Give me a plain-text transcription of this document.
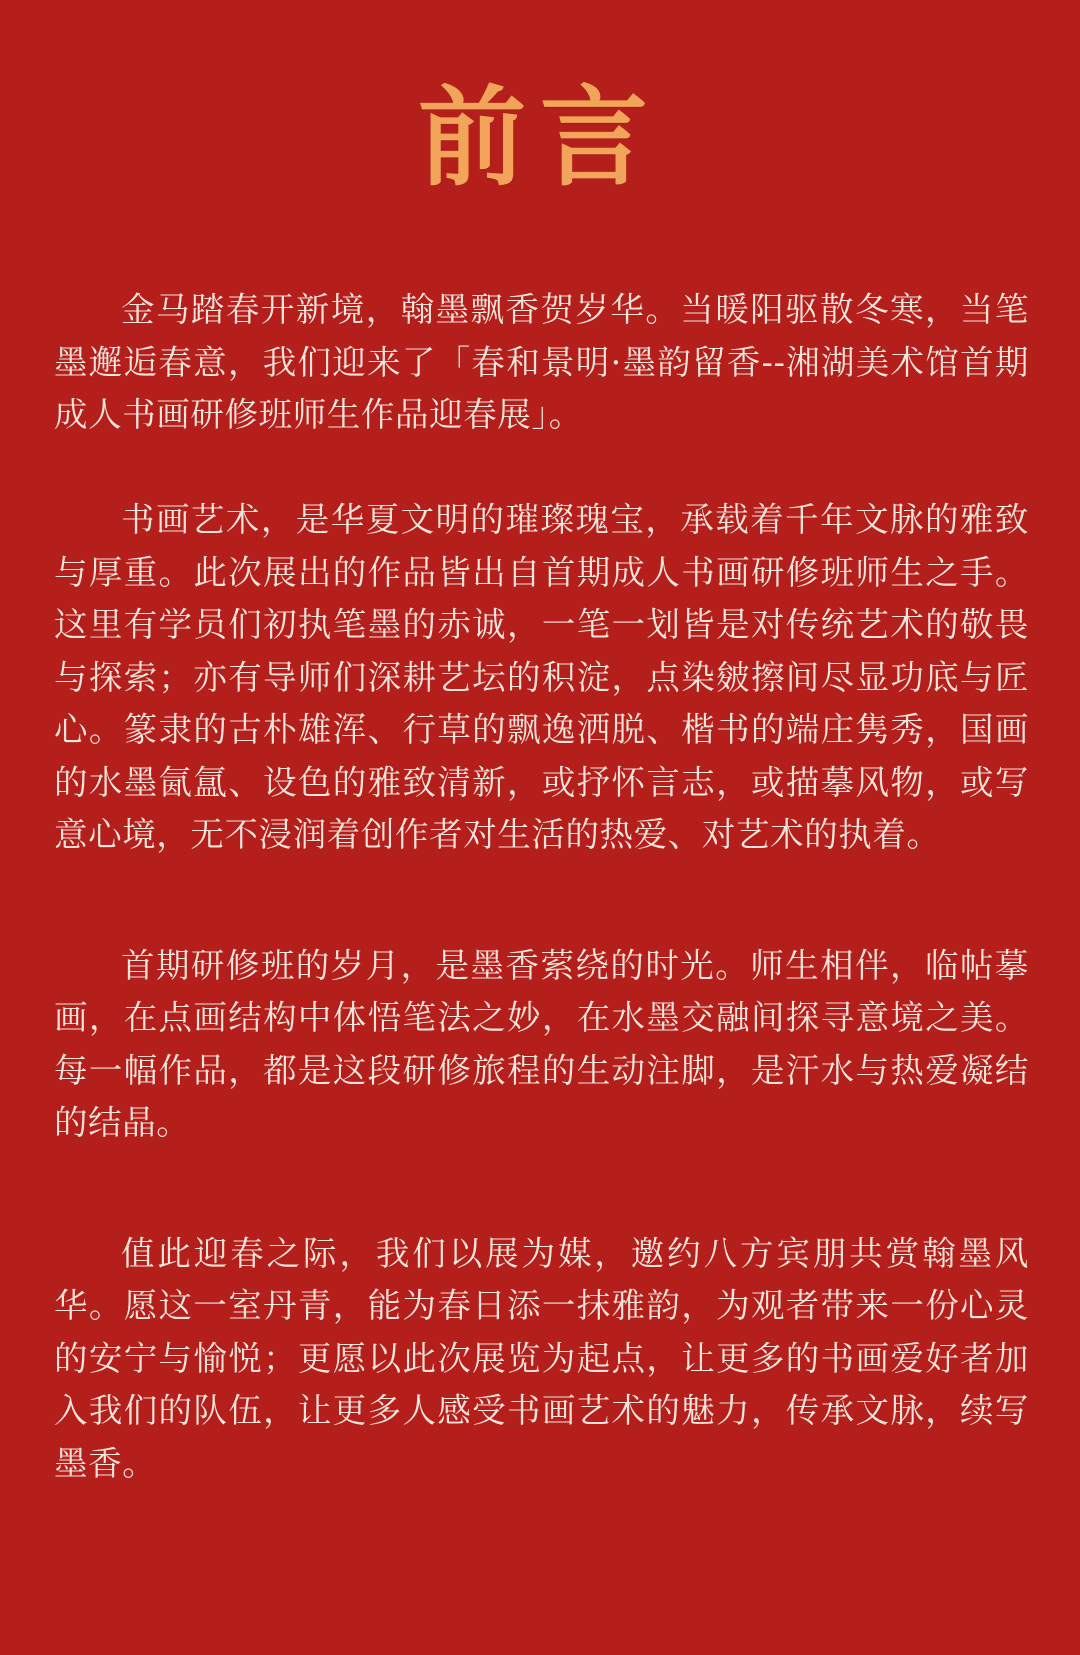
前言

金马踏春开新境，翰墨飘香贺岁华。当暖阳驱散冬寒，当笔墨邂逅春意，我们迎来了「春和景明·墨韵留香--湘湖美术馆首期成人书画研修班师生作品迎春展」。

书画艺术，是华夏文明的璀璨瑰宝，承载着千年文脉的雅致与厚重。此次展出的作品皆出自首期成人书画研修班师生之手。这里有学员们初执笔墨的赤诚，一笔一划皆是对传统艺术的敬畏与探索；亦有导师们深耕艺坛的积淀，点染皴擦间尽显功底与匠心。篆隶的古朴雄浑、行草的飘逸洒脱、楷书的端庄隽秀，国画的水墨氤氲、设色的雅致清新，或抒怀言志，或描摹风物，或写意心境，无不浸润着创作者对生活的热爱、对艺术的执着。

首期研修班的岁月，是墨香萦绕的时光。师生相伴，临帖摹画，在点画结构中体悟笔法之妙，在水墨交融间探寻意境之美。每一幅作品，都是这段研修旅程的生动注脚，是汗水与热爱凝结的结晶。

值此迎春之际，我们以展为媒，邀约八方宾朋共赏翰墨风华。愿这一室丹青，能为春日添一抹雅韵，为观者带来一份心灵的安宁与愉悦；更愿以此次展览为起点，让更多的书画爱好者加入我们的队伍，让更多人感受书画艺术的魅力，传承文脉，续写墨香。
